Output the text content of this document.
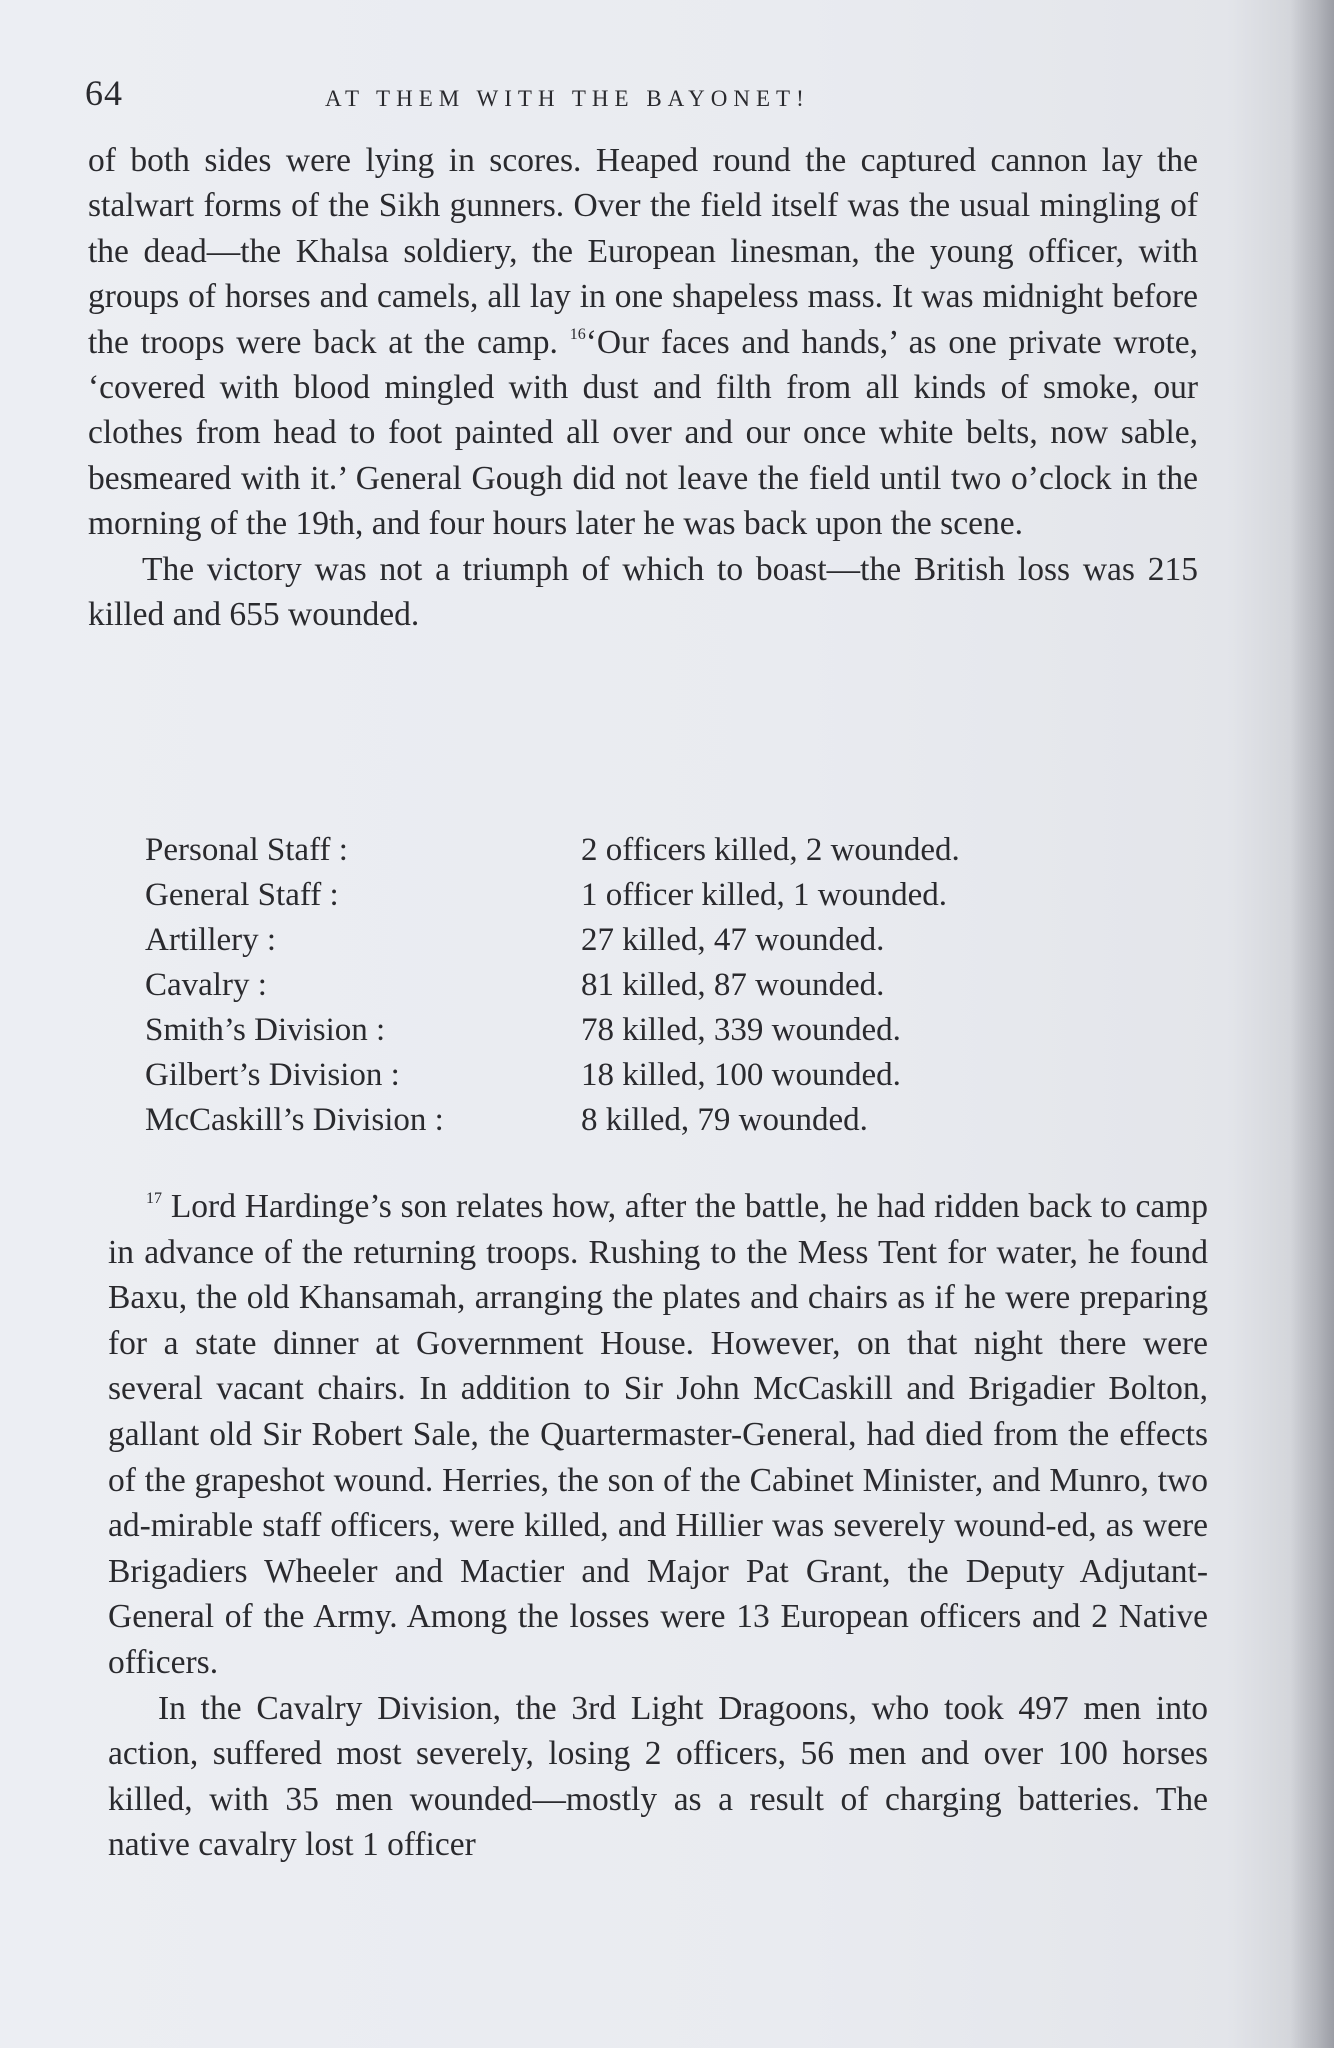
64	AT THEM WITH THE BAYONET!

of both sides were lying in scores. Heaped round the captured cannon lay the stalwart forms of the Sikh gunners. Over the field itself was the usual mingling of the dead—the Khalsa soldiery, the European linesman, the young officer, with groups of horses and camels, all lay in one shapeless mass. It was midnight before the troops were back at the camp. $^{16}$‘Our faces and hands,’ as one private wrote, ‘covered with blood mingled with dust and filth from all kinds of smoke, our clothes from head to foot painted all over and our once white belts, now sable, besmeared with it.’ General Gough did not leave the field until two o’clock in the morning of the 19th, and four hours later he was back upon the scene.

The victory was not a triumph of which to boast—the British loss was 215 killed and 655 wounded.

Personal Staff :	2 officers killed, 2 wounded.
General Staff :	1 officer killed, 1 wounded.
Artillery :	27 killed, 47 wounded.
Cavalry :	81 killed, 87 wounded.
Smith’s Division :	78 killed, 339 wounded.
Gilbert’s Division :	18 killed, 100 wounded.
McCaskill’s Division :	8 killed, 79 wounded.

$^{17}$ Lord Hardinge’s son relates how, after the battle, he had ridden back to camp in advance of the returning troops. Rushing to the Mess Tent for water, he found Baxu, the old Khansamah, arranging the plates and chairs as if he were preparing for a state dinner at Government House. However, on that night there were several vacant chairs. In addition to Sir John McCaskill and Brigadier Bolton, gallant old Sir Robert Sale, the Quartermaster-General, had died from the effects of the grapeshot wound. Herries, the son of the Cabinet Minister, and Munro, two ad-mirable staff officers, were killed, and Hillier was severely wound-ed, as were Brigadiers Wheeler and Mactier and Major Pat Grant, the Deputy Adjutant-General of the Army. Among the losses were 13 European officers and 2 Native officers.

In the Cavalry Division, the 3rd Light Dragoons, who took 497 men into action, suffered most severely, losing 2 officers, 56 men and over 100 horses killed, with 35 men wounded—mostly as a result of charging batteries. The native cavalry lost 1 officer
